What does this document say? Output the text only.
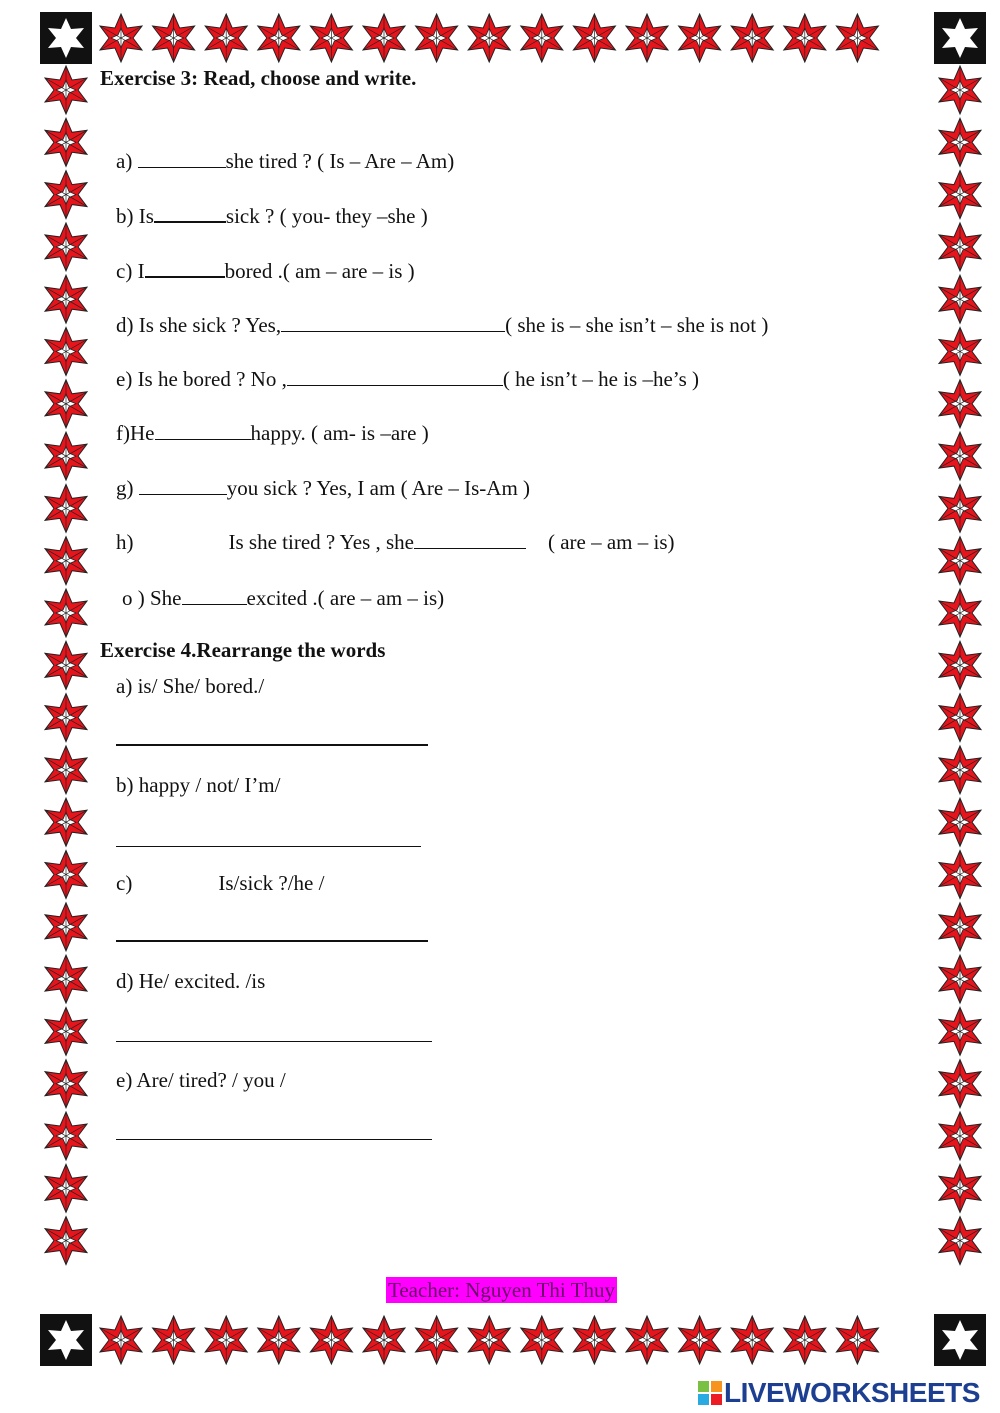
Exercise 3: Read, choose and write.
a)	she tired ? ( Is – Are – Am)
b) Is	sick ? ( you- they –she )
c) I	bored .( am – are – is )
d) Is she sick ? Yes,	( she is – she isn’t – she is not )
e) Is he bored ? No ,	( he isn’t – he is –he’s )
f)He	happy. ( am- is –are )
g)	you sick ? Yes, I am ( Are – Is-Am )
h)	Is she tired ? Yes , she	( are – am – is)
o ) She	excited .( are – am – is)
Exercise 4.Rearrange the words
a) is/ She/ bored./
b) happy / not/ I’m/
c)	Is/sick ?/he /
d) He/ excited. /is
e) Are/ tired? / you /
Teacher: Nguyen Thi Thuy
LIVEWORKSHEETS
